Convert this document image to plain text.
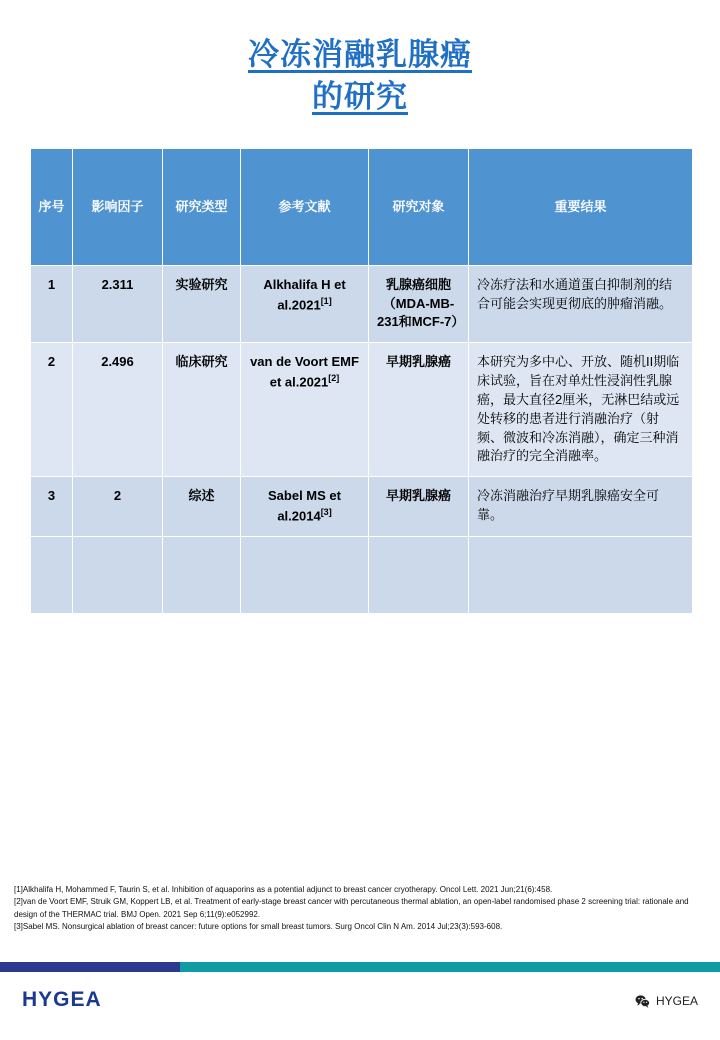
冷冻消融乳腺癌
的研究
序号	影响因子	研究类型	参考文献	研究对象	重要结果
1	2.311	实验研究	Alkhalifa H et al.2021[1]	乳腺癌细胞（MDA-MB-231和MCF-7）	冷冻疗法和水通道蛋白抑制剂的结合可能会实现更彻底的肿瘤消融。
2	2.496	临床研究	van de Voort EMF et al.2021[2]	早期乳腺癌	本研究为多中心、开放、随机II期临床试验，旨在对单灶性浸润性乳腺癌，最大直径2厘米，无淋巴结或远处转移的患者进行消融治疗（射频、微波和冷冻消融），确定三种消融治疗的完全消融率。
3	2	综述	Sabel MS et al.2014[3]	早期乳腺癌	冷冻消融治疗早期乳腺癌安全可靠。

[1]Alkhalifa H, Mohammed F, Taurin S, et al. Inhibition of aquaporins as a potential adjunct to breast cancer cryotherapy. Oncol Lett. 2021 Jun;21(6):458.
[2]van de Voort EMF, Struik GM, Koppert LB, et al. Treatment of early-stage breast cancer with percutaneous thermal ablation, an open-label randomised phase 2 screening trial: rationale and design of the THERMAC trial. BMJ Open. 2021 Sep 6;11(9):e052992.
[3]Sabel MS. Nonsurgical ablation of breast cancer: future options for small breast tumors. Surg Oncol Clin N Am. 2014 Jul;23(3):593-608.
HYGEA	HYGEA
